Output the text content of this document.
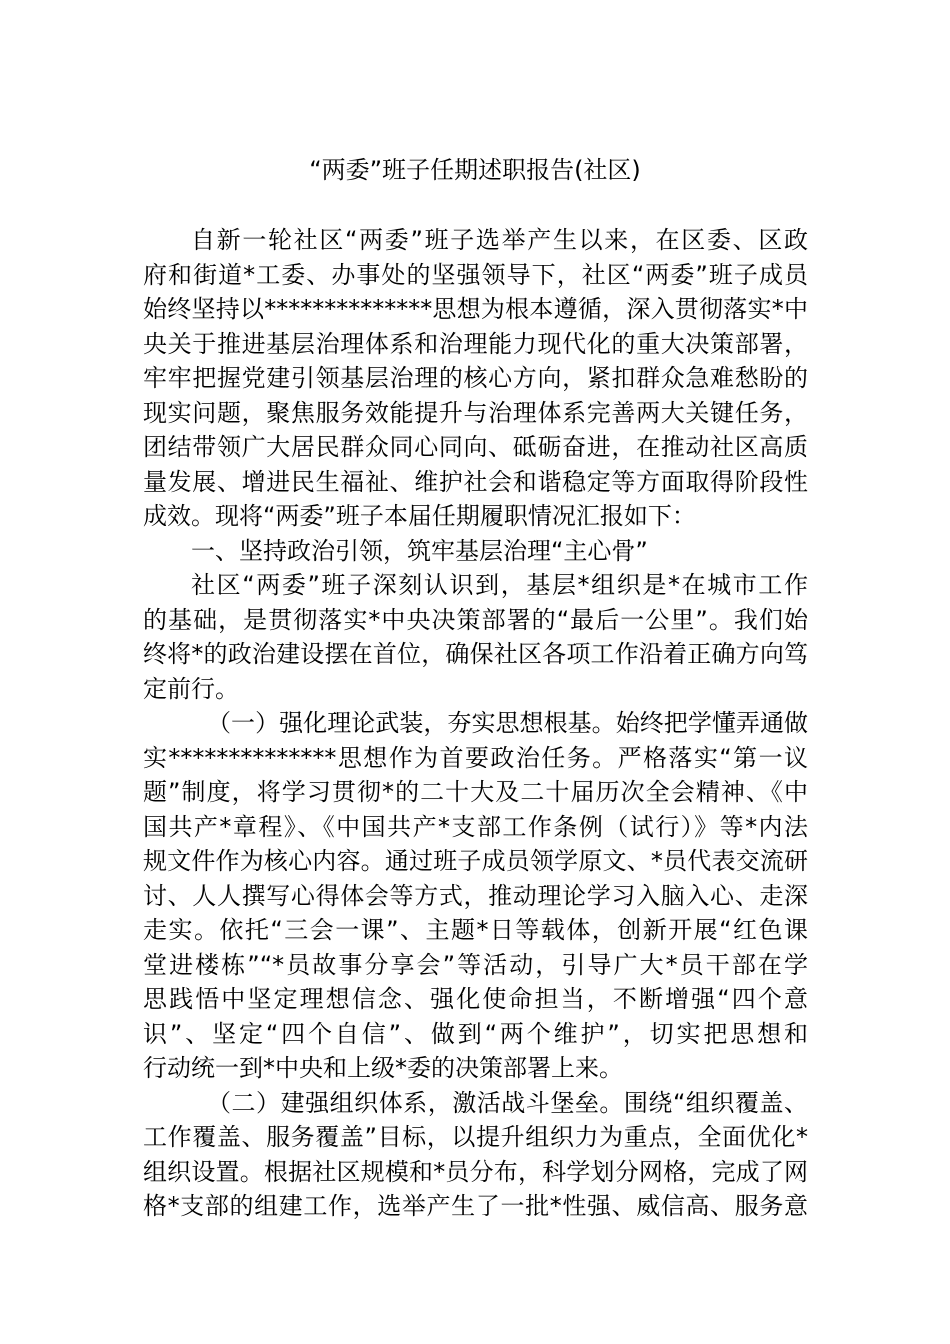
“两委”班子任期述职报告(社区)
自新一轮社区“两委”班子选举产生以来，在区委、区政
府和街道*工委、办事处的坚强领导下，社区“两委”班子成员
始终坚持以**************思想为根本遵循，深入贯彻落实*中
央关于推进基层治理体系和治理能力现代化的重大决策部署，
牢牢把握党建引领基层治理的核心方向，紧扣群众急难愁盼的
现实问题，聚焦服务效能提升与治理体系完善两大关键任务，
团结带领广大居民群众同心同向、砥砺奋进，在推动社区高质
量发展、增进民生福祉、维护社会和谐稳定等方面取得阶段性
成效。现将“两委”班子本届任期履职情况汇报如下：
一、坚持政治引领，筑牢基层治理“主心骨”
社区“两委”班子深刻认识到，基层*组织是*在城市工作
的基础，是贯彻落实*中央决策部署的“最后一公里”。我们始
终将*的政治建设摆在首位，确保社区各项工作沿着正确方向笃
定前行。
（一）强化理论武装，夯实思想根基。始终把学懂弄通做
实**************思想作为首要政治任务。严格落实“第一议
题”制度，将学习贯彻*的二十大及二十届历次全会精神、《中
国共产*章程》、《中国共产*支部工作条例（试行）》等*内法
规文件作为核心内容。通过班子成员领学原文、*员代表交流研
讨、人人撰写心得体会等方式，推动理论学习入脑入心、走深
走实。依托“三会一课”、主题*日等载体，创新开展“红色课
堂进楼栋”“*员故事分享会”等活动，引导广大*员干部在学
思践悟中坚定理想信念、强化使命担当，不断增强“四个意
识”、坚定“四个自信”、做到“两个维护”，切实把思想和
行动统一到*中央和上级*委的决策部署上来。
（二）建强组织体系，激活战斗堡垒。围绕“组织覆盖、
工作覆盖、服务覆盖”目标，以提升组织力为重点，全面优化*
组织设置。根据社区规模和*员分布，科学划分网格，完成了网
格*支部的组建工作，选举产生了一批*性强、威信高、服务意
